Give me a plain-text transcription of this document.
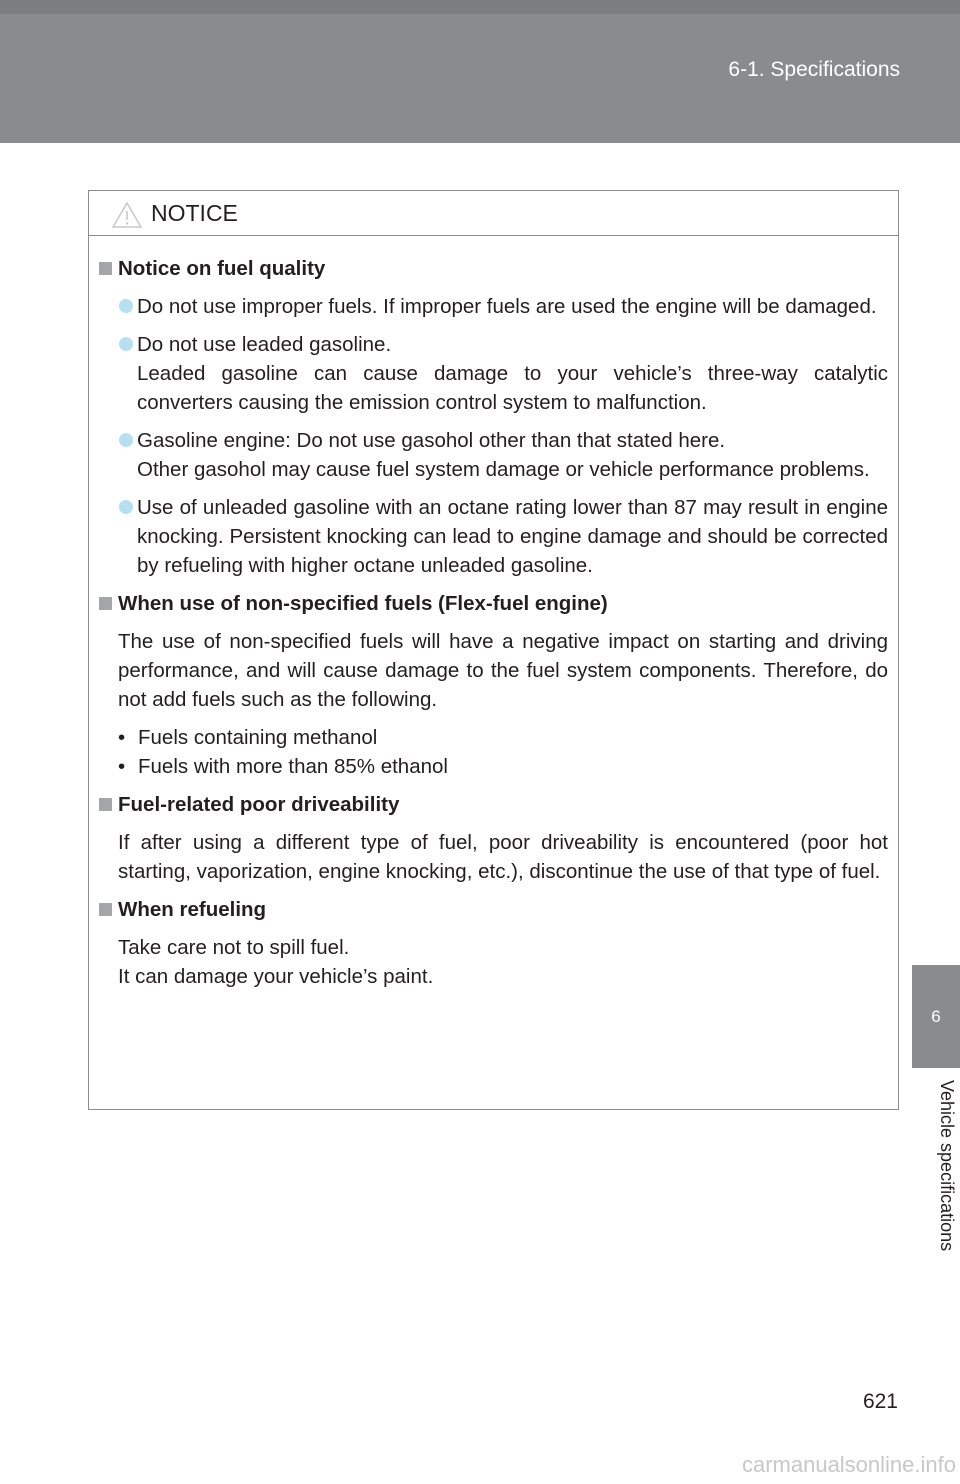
6-1. Specifications
6
Vehicle specifications
NOTICE
Notice on fuel quality
Do not use improper fuels. If improper fuels are used the engine will be damaged.
Do not use leaded gasoline.
Leaded gasoline can cause damage to your vehicle’s three-way catalytic converters causing the emission control system to malfunction.
Gasoline engine: Do not use gasohol other than that stated here.
Other gasohol may cause fuel system damage or vehicle performance problems.
Use of unleaded gasoline with an octane rating lower than 87 may result in engine knocking. Persistent knocking can lead to engine damage and should be corrected by refueling with higher octane unleaded gasoline.
When use of non-specified fuels (Flex-fuel engine)
The use of non-specified fuels will have a negative impact on starting and driving performance, and will cause damage to the fuel system components. Therefore, do not add fuels such as the following.
• Fuels containing methanol
• Fuels with more than 85% ethanol
Fuel-related poor driveability
If after using a different type of fuel, poor driveability is encountered (poor hot starting, vaporization, engine knocking, etc.), discontinue the use of that type of fuel.
When refueling
Take care not to spill fuel.
It can damage your vehicle’s paint.
621
carmanualsonline.info
